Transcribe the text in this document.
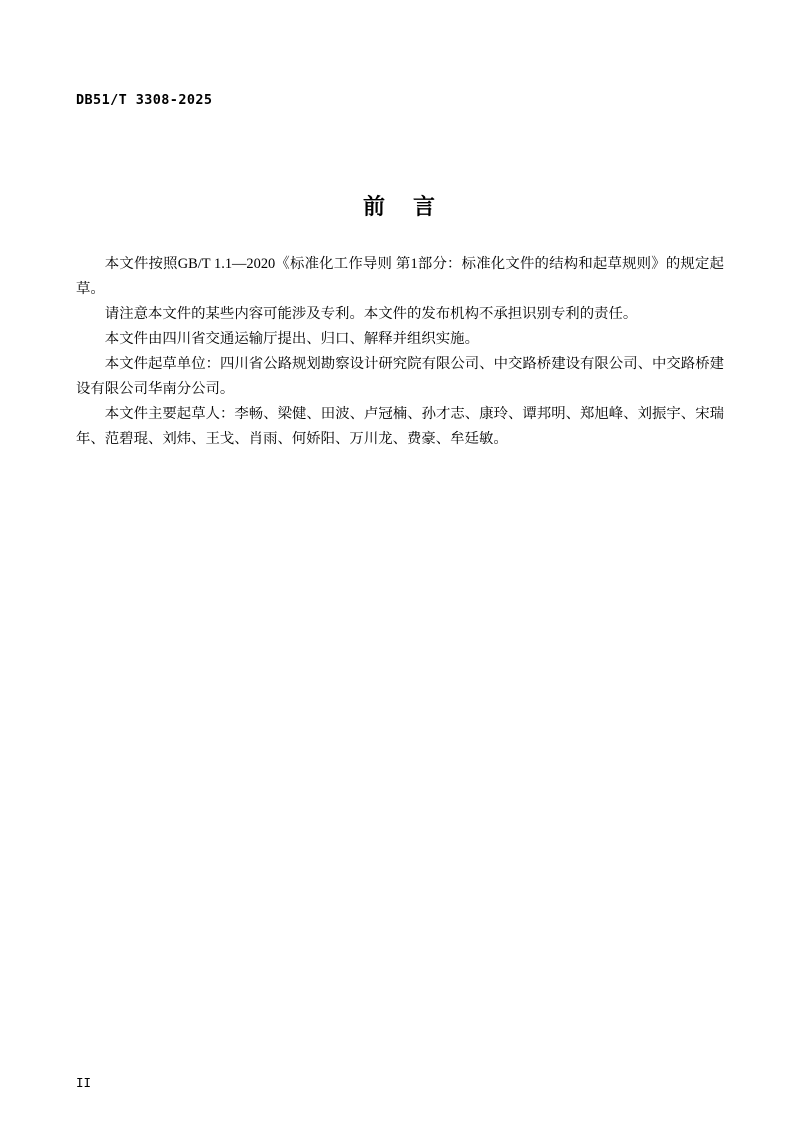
DB51/T 3308-2025
前 言

本文件按照GB/T 1.1—2020《标准化工作导则 第1部分：标准化文件的结构和起草规则》的规定起草。

请注意本文件的某些内容可能涉及专利。本文件的发布机构不承担识别专利的责任。

本文件由四川省交通运输厅提出、归口、解释并组织实施。

本文件起草单位：四川省公路规划勘察设计研究院有限公司、中交路桥建设有限公司、中交路桥建设有限公司华南分公司。

本文件主要起草人：李畅、梁健、田波、卢冠楠、孙才志、康玲、谭邦明、郑旭峰、刘振宇、宋瑞年、范碧琨、刘炜、王戈、肖雨、何娇阳、万川龙、费豪、牟廷敏。

II
